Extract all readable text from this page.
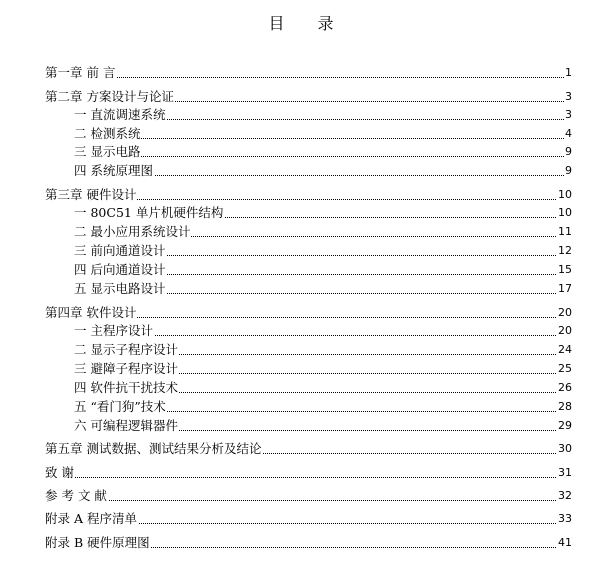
目 录
第一章 前 言	1
第二章 方案设计与论证	3
一 直流调速系统	3
二 检测系统	4
三 显示电路	9
四 系统原理图	9
第三章 硬件设计	10
一 80C51 单片机硬件结构	10
二 最小应用系统设计	11
三 前向通道设计	12
四 后向通道设计	15
五 显示电路设计	17
第四章 软件设计	20
一 主程序设计	20
二 显示子程序设计	24
三 避障子程序设计	25
四 软件抗干扰技术	26
五 “看门狗”技术	28
六 可编程逻辑器件	29
第五章 测试数据、测试结果分析及结论	30
致 谢	31
参 考 文 献	32
附录 A 程序清单	33
附录 B 硬件原理图	41
